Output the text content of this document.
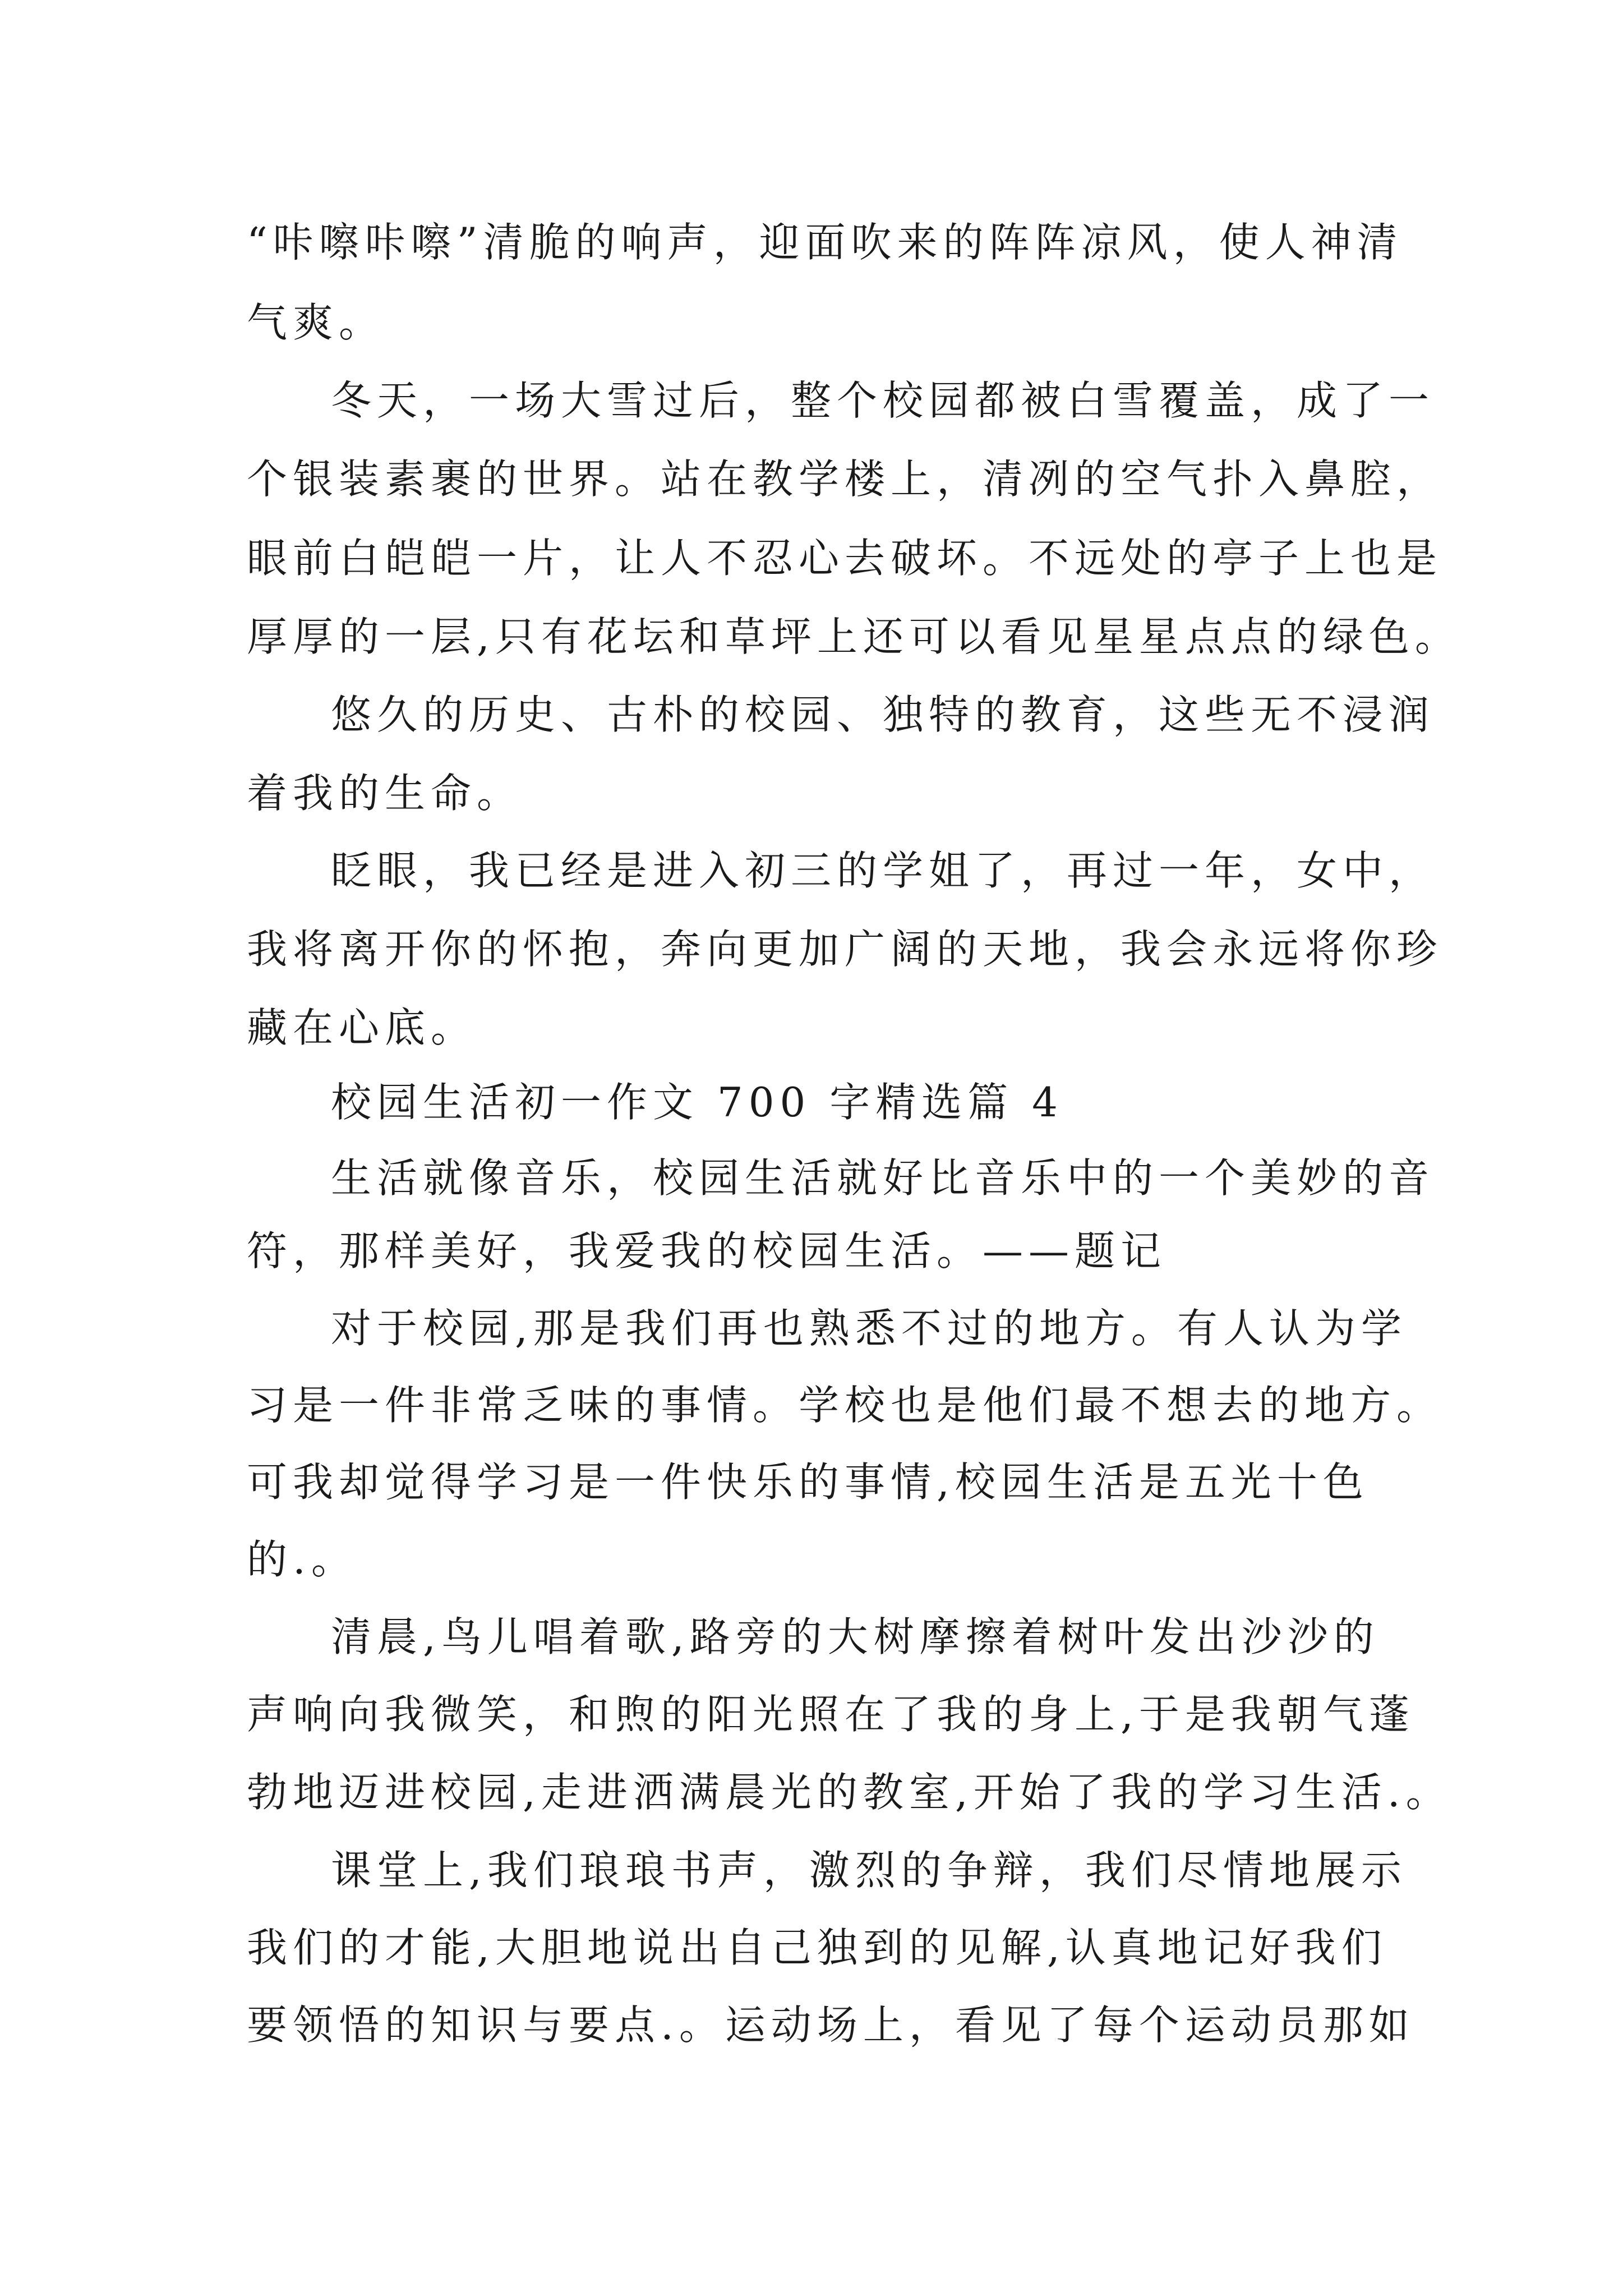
“咔嚓咔嚓”清脆的响声，迎面吹来的阵阵凉风，使人神清
气爽。
冬天，一场大雪过后，整个校园都被白雪覆盖，成了一
个银装素裹的世界。站在教学楼上，清冽的空气扑入鼻腔，
眼前白皑皑一片，让人不忍心去破坏。不远处的亭子上也是
厚厚的一层,只有花坛和草坪上还可以看见星星点点的绿色。
悠久的历史、古朴的校园、独特的教育，这些无不浸润
着我的生命。
眨眼，我已经是进入初三的学姐了，再过一年，女中，
我将离开你的怀抱，奔向更加广阔的天地，我会永远将你珍
藏在心底。
校园生活初一作文 700 字精选篇 4
生活就像音乐，校园生活就好比音乐中的一个美妙的音
符，那样美好，我爱我的校园生活。——题记
对于校园,那是我们再也熟悉不过的地方。有人认为学
习是一件非常乏味的事情。学校也是他们最不想去的地方。
可我却觉得学习是一件快乐的事情,校园生活是五光十色
的.。
清晨,鸟儿唱着歌,路旁的大树摩擦着树叶发出沙沙的
声响向我微笑，和煦的阳光照在了我的身上,于是我朝气蓬
勃地迈进校园,走进洒满晨光的教室,开始了我的学习生活.。
课堂上,我们琅琅书声，激烈的争辩，我们尽情地展示
我们的才能,大胆地说出自己独到的见解,认真地记好我们
要领悟的知识与要点.。运动场上，看见了每个运动员那如
